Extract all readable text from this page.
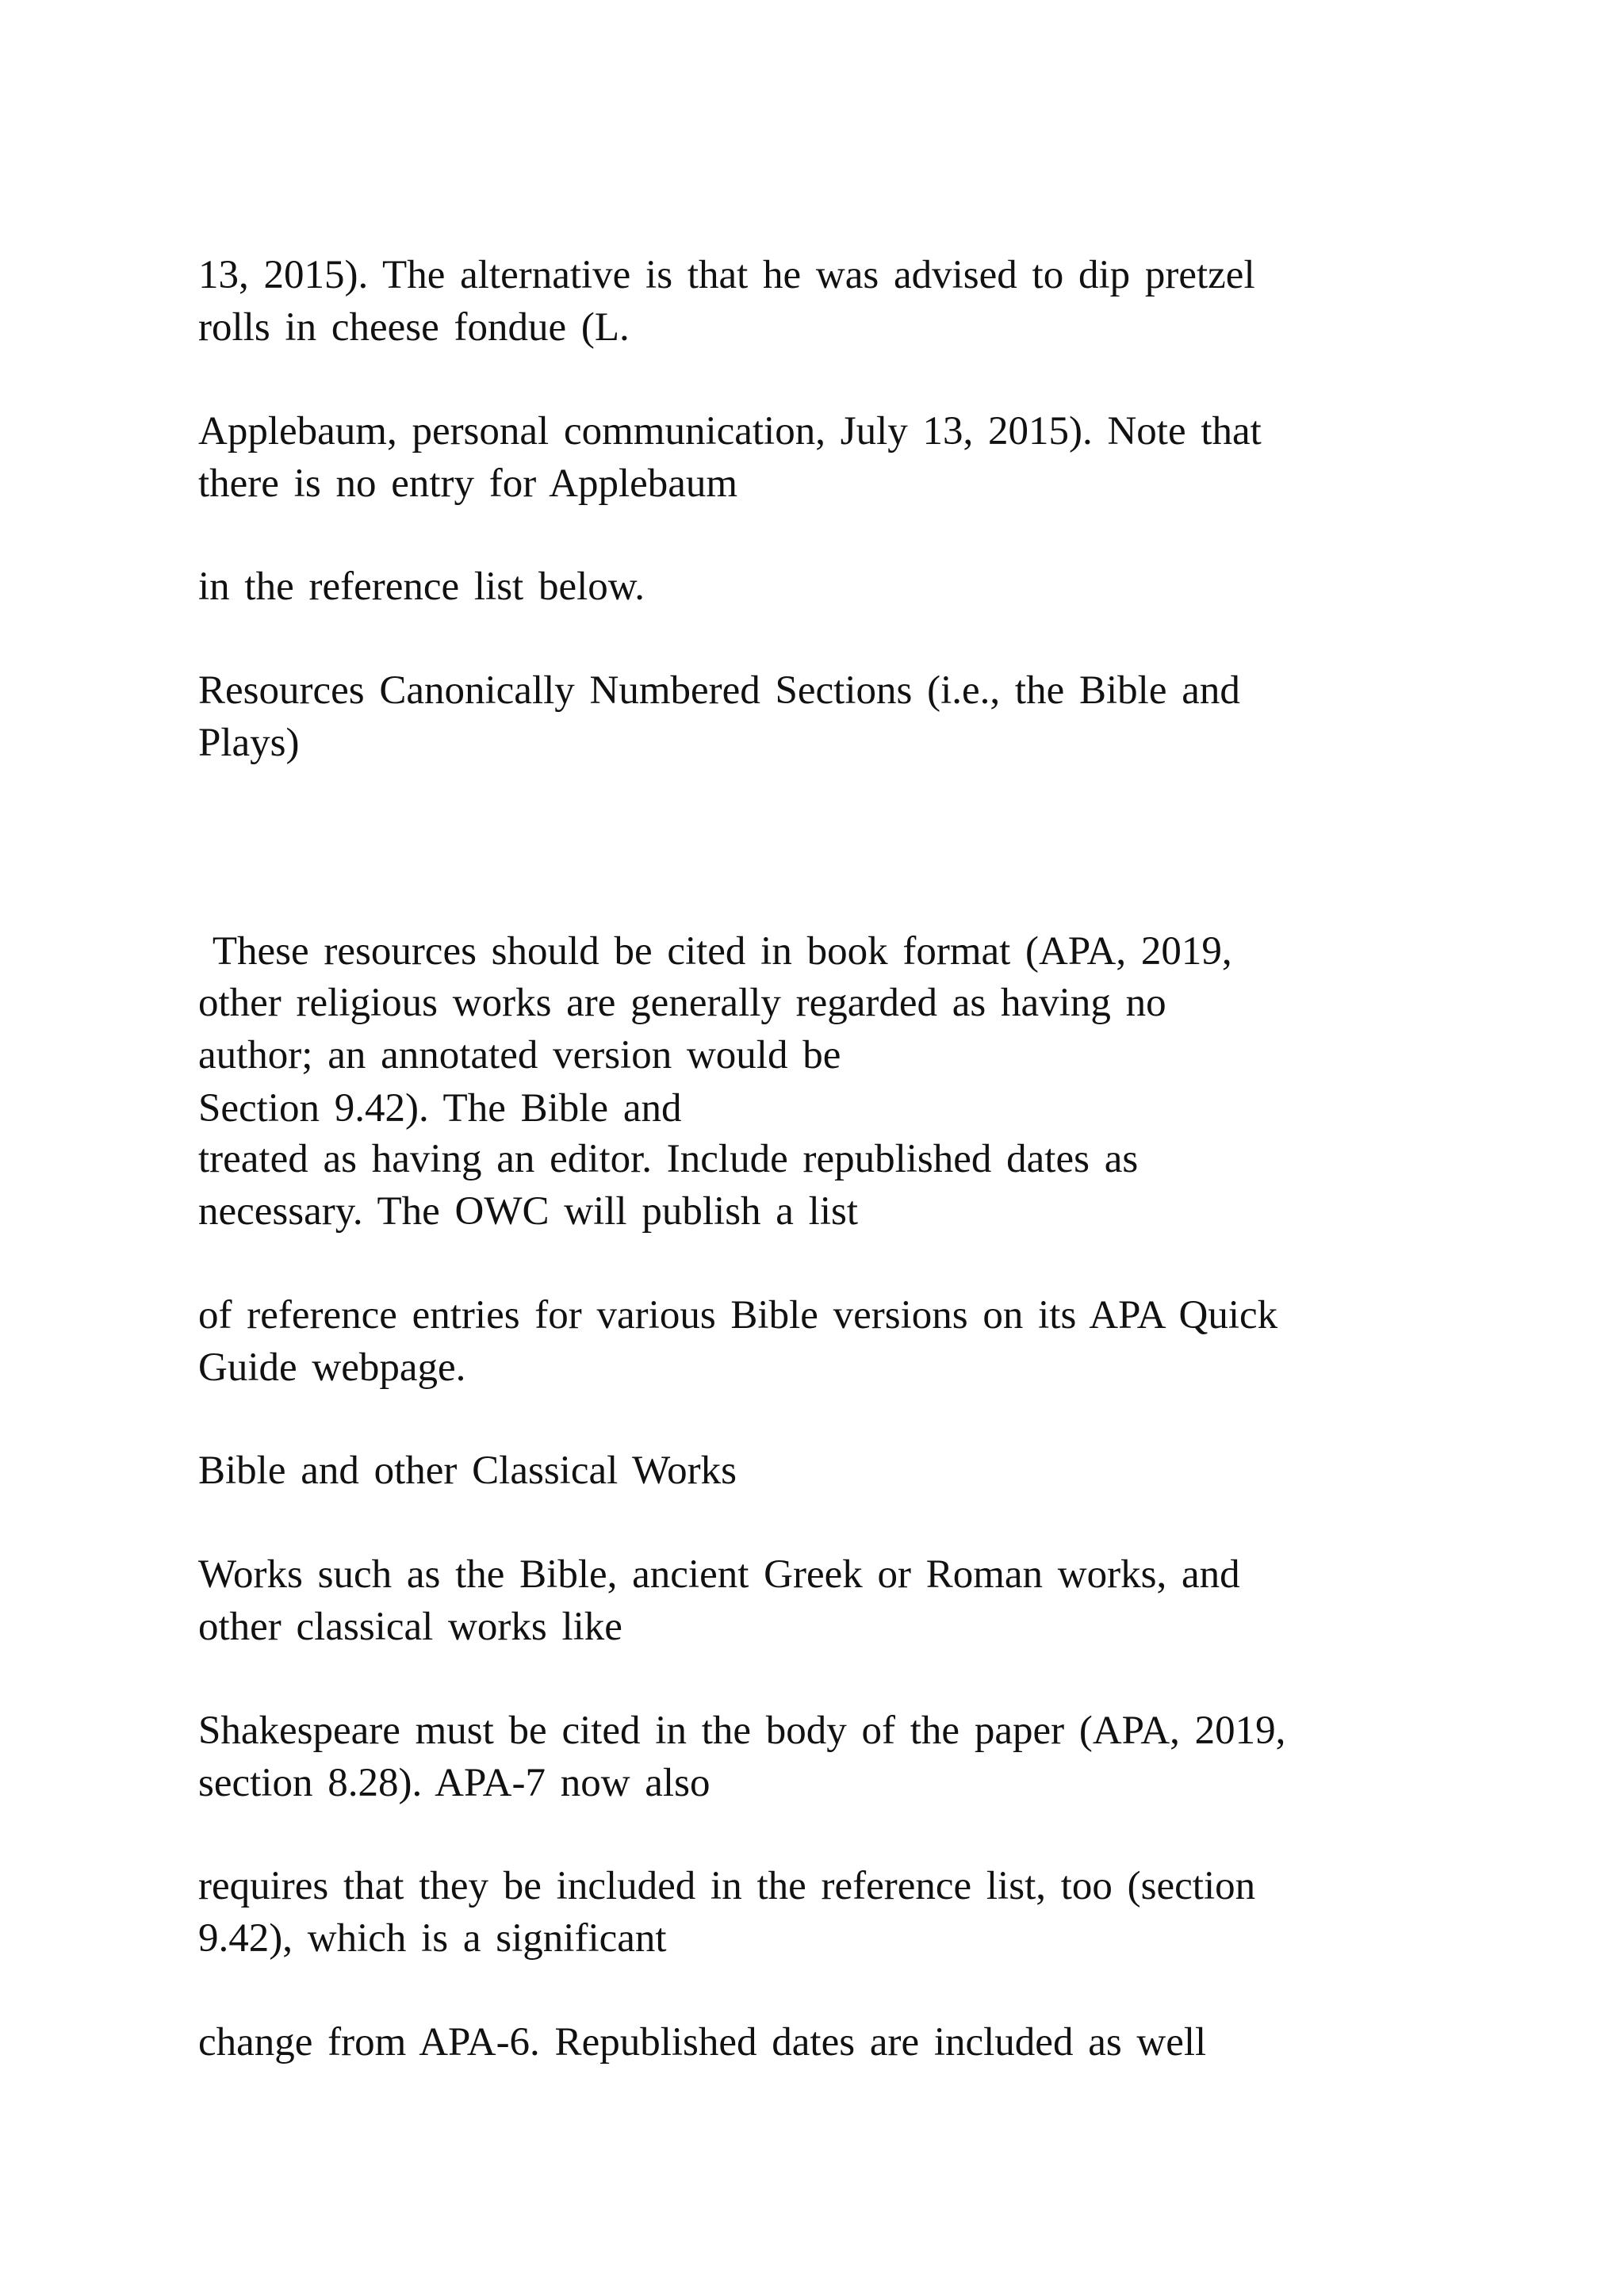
13, 2015). The alternative is that he was advised to dip pretzel
rolls in cheese fondue (L.

Applebaum, personal communication, July 13, 2015). Note that
there is no entry for Applebaum

in the reference list below.

Resources Canonically Numbered Sections (i.e., the Bible and
Plays)

These resources should be cited in book format (APA, 2019,

Section 9.42). The Bible and

other religious works are generally regarded as having no
author; an annotated version would be

treated as having an editor. Include republished dates as
necessary. The OWC will publish a list

of reference entries for various Bible versions on its APA Quick
Guide webpage.

Bible and other Classical Works

Works such as the Bible, ancient Greek or Roman works, and
other classical works like

Shakespeare must be cited in the body of the paper (APA, 2019,
section 8.28). APA-7 now also

requires that they be included in the reference list, too (section
9.42), which is a significant

change from APA-6. Republished dates are included as well
